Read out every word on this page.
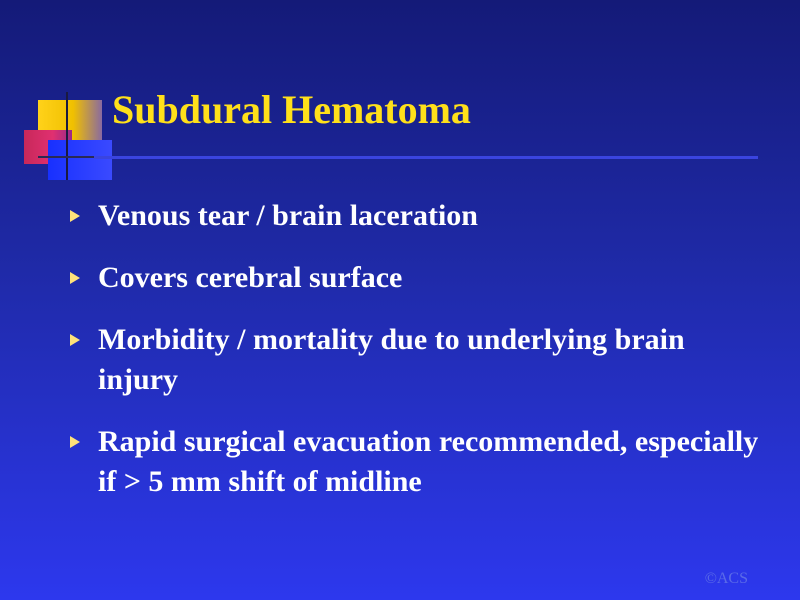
Subdural Hematoma
Venous tear / brain laceration
Covers cerebral surface
Morbidity / mortality due to underlying brain injury
Rapid surgical evacuation recommended, especially if > 5 mm shift of midline
©ACS
